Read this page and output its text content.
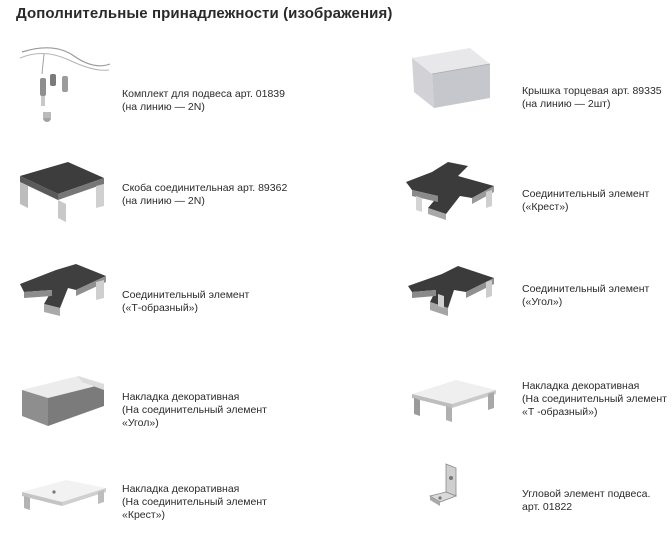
Дополнительные принадлежности (изображения)
Комплект для подвеса арт. 01839
(на линию — 2N)
Крышка торцевая арт. 89335
(на линию — 2шт)
Скоба соединительная арт. 89362
(на линию — 2N)
Соединительный элемент
(«Крест»)
Соединительный элемент
(«Т-образный»)
Соединительный элемент
(«Угол»)
Накладка декоративная
(На соединительный элемент
«Угол»)
Накладка декоративная
(На соединительный элемент
«Т -образный»)
Накладка декоративная
(На соединительный элемент
«Крест»)
Угловой элемент подвеса.
арт. 01822
